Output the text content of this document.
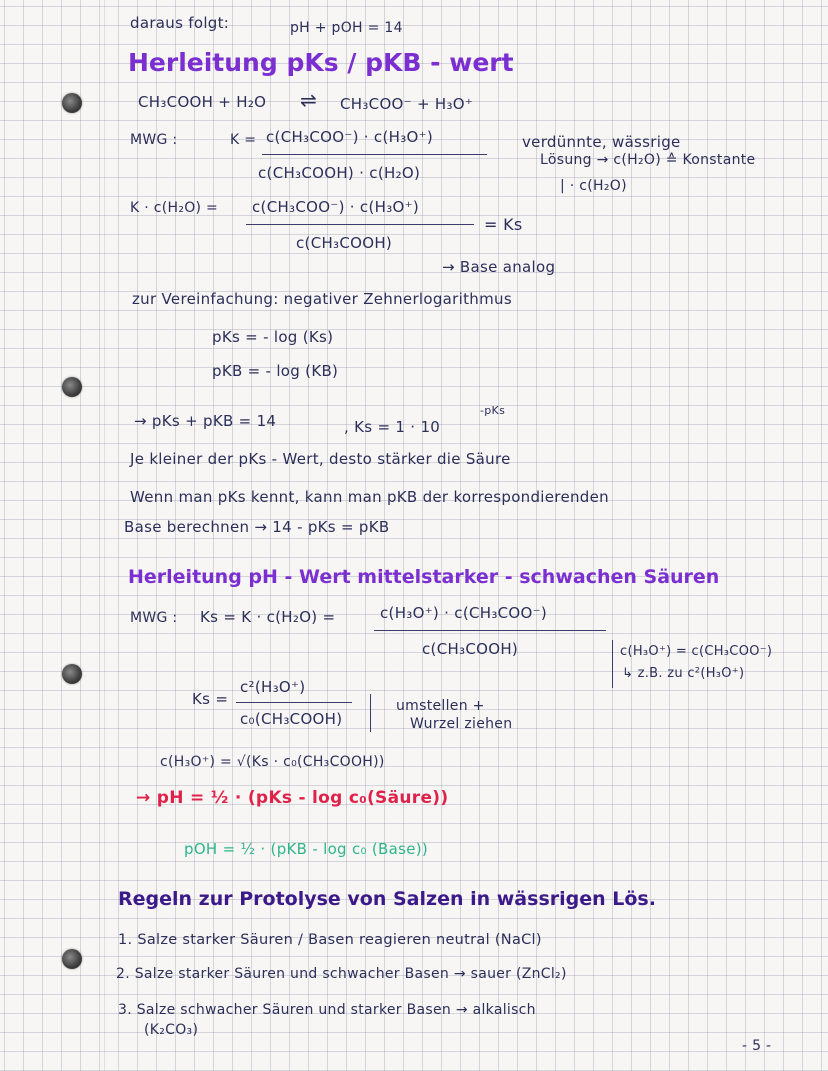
daraus folgt:	pH + pOH = 14
Herleitung pKs / pKB - wert
CH₃COOH + H₂O ⇌ CH₃COO⁻ + H₃O⁺
MWG :	K = c(CH₃COO⁻) · c(H₃O⁺)
c(CH₃COOH) · c(H₂O)
verdünnte, wässrige
Lösung → c(H₂O) ≙ Konstante
| · c(H₂O)
K · c(H₂O) = c(CH₃COO⁻) · c(H₃O⁺)
c(CH₃COOH)
= Ks
→ Base analog
zur Vereinfachung: negativer Zehnerlogarithmus
pKs = - log (Ks)
pKB = - log (KB)
→ pKs + pKB = 14	, Ks = 1 · 10
-pKs
Je kleiner der pKs - Wert, desto stärker die Säure
Wenn man pKs kennt, kann man pKB der korrespondierenden
Base berechnen → 14 - pKs = pKB
Herleitung pH - Wert mittelstarker - schwachen Säuren
MWG : Ks = K · c(H₂O) =	c(H₃O⁺) · c(CH₃COO⁻)
c(CH₃COOH)	c(H₃O⁺) = c(CH₃COO⁻)
↳ z.B. zu c²(H₃O⁺)
Ks =
c²(H₃O⁺)
c₀(CH₃COOH)
umstellen +
Wurzel ziehen
c(H₃O⁺) = √(Ks · c₀(CH₃COOH))
→ pH = ½ · (pKs - log c₀(Säure))
pOH = ½ · (pKB - log c₀ (Base))
Regeln zur Protolyse von Salzen in wässrigen Lös.
1. Salze starker Säuren / Basen reagieren neutral (NaCl)
2. Salze starker Säuren und schwacher Basen → sauer (ZnCl₂)
3. Salze schwacher Säuren und starker Basen → alkalisch
(K₂CO₃)
- 5 -
